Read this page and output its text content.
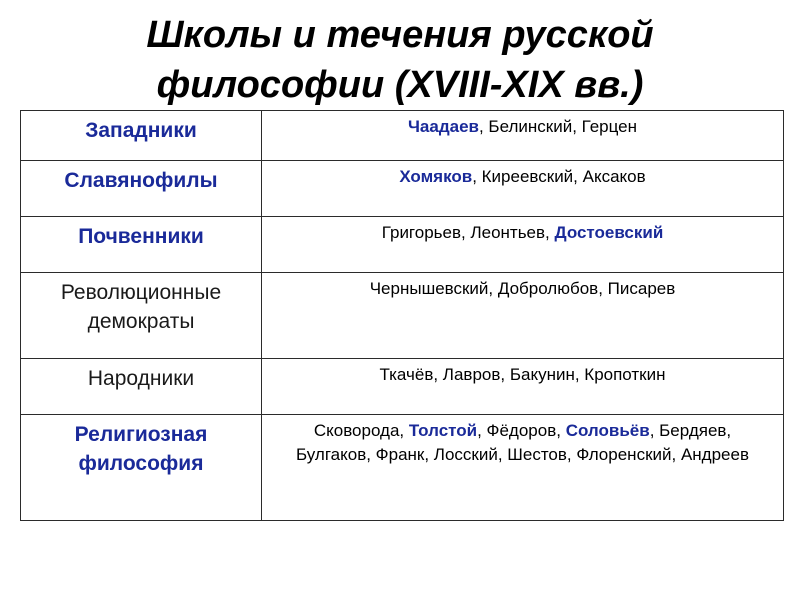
Школы и течения русской
философии (XVIII-XIX вв.)
Западники	Чаадаев, Белинский, Герцен
Славянофилы	Хомяков, Киреевский, Аксаков
Почвенники	Григорьев, Леонтьев, Достоевский
Революционные демократы	Чернышевский, Добролюбов, Писарев
Народники	Ткачёв, Лавров, Бакунин, Кропоткин
Религиозная философия	Сковорода, Толстой, Фёдоров, Соловьёв, Бердяев, Булгаков, Франк, Лосский, Шестов, Флоренский, Андреев
